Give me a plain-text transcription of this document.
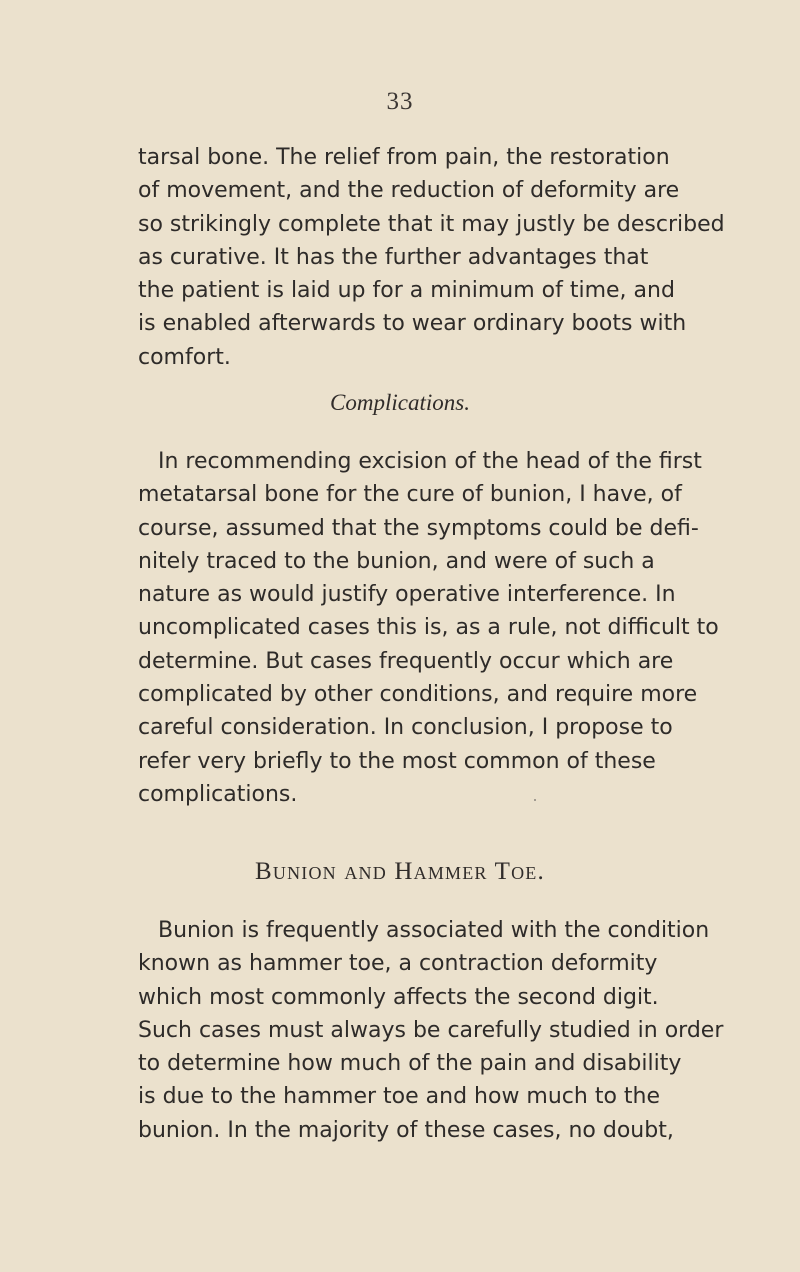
33
tarsal bone. The relief from pain, the restoration
of movement, and the reduction of deformity are
so strikingly complete that it may justly be described
as curative. It has the further advantages that
the patient is laid up for a minimum of time, and
is enabled afterwards to wear ordinary boots with
comfort.
Complications.
In recommending excision of the head of the first
metatarsal bone for the cure of bunion, I have, of
course, assumed that the symptoms could be defi-
nitely traced to the bunion, and were of such a
nature as would justify operative interference. In
uncomplicated cases this is, as a rule, not difficult to
determine. But cases frequently occur which are
complicated by other conditions, and require more
careful consideration. In conclusion, I propose to
refer very briefly to the most common of these
complications.
Bunion and Hammer Toe.
Bunion is frequently associated with the condition
known as hammer toe, a contraction deformity
which most commonly affects the second digit.
Such cases must always be carefully studied in order
to determine how much of the pain and disability
is due to the hammer toe and how much to the
bunion. In the majority of these cases, no doubt,
